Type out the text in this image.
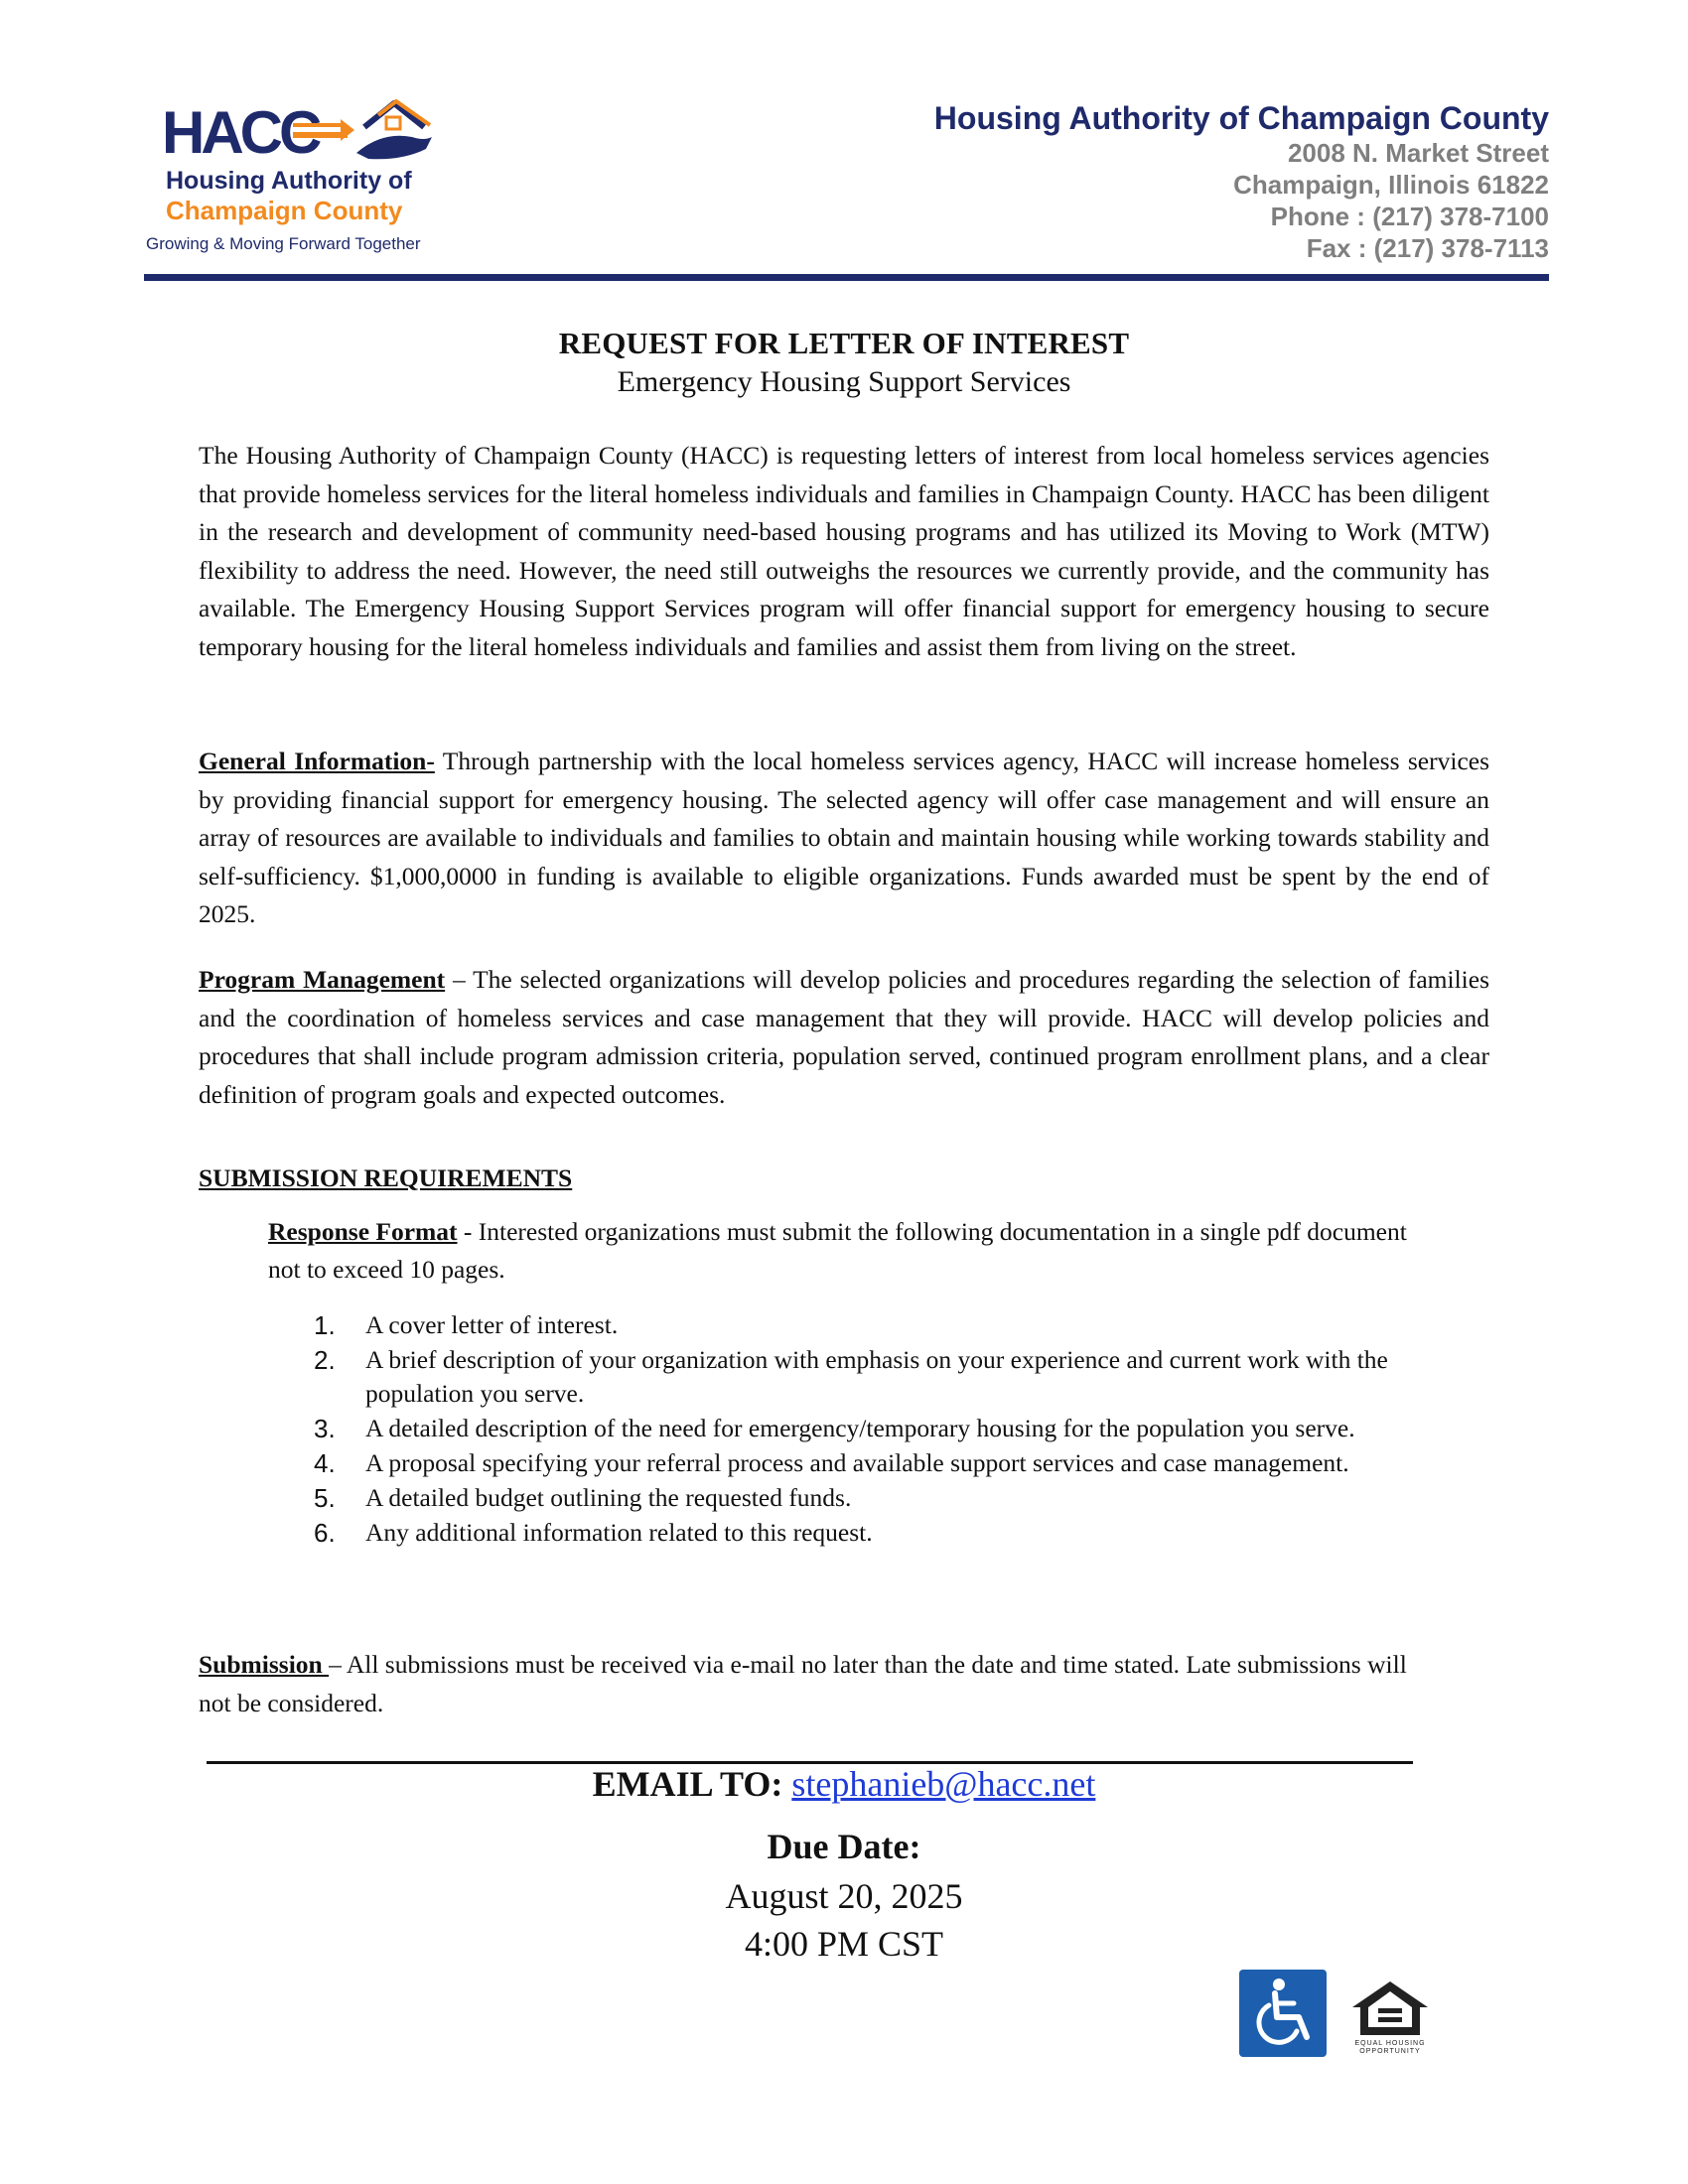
HACC
Housing Authority of
Champaign County
Growing & Moving Forward Together
Housing Authority of Champaign County
2008 N. Market Street
Champaign, Illinois 61822
Phone : (217) 378-7100
Fax : (217) 378-7113
REQUEST FOR LETTER OF INTEREST
Emergency Housing Support Services

The Housing Authority of Champaign County (HACC) is requesting letters of interest from local homeless services agencies that provide homeless services for the literal homeless individuals and families in Champaign County. HACC has been diligent in the research and development of community need-based housing programs and has utilized its Moving to Work (MTW) flexibility to address the need. However, the need still outweighs the resources we currently provide, and the community has available. The Emergency Housing Support Services program will offer financial support for emergency housing to secure temporary housing for the literal homeless individuals and families and assist them from living on the street.

General Information- Through partnership with the local homeless services agency, HACC will increase homeless services by providing financial support for emergency housing. The selected agency will offer case management and will ensure an array of resources are available to individuals and families to obtain and maintain housing while working towards stability and self-sufficiency. $1,000,0000 in funding is available to eligible organizations. Funds awarded must be spent by the end of 2025.

Program Management – The selected organizations will develop policies and procedures regarding the selection of families and the coordination of homeless services and case management that they will provide. HACC will develop policies and procedures that shall include program admission criteria, population served, continued program enrollment plans, and a clear definition of program goals and expected outcomes.

SUBMISSION REQUIREMENTS

Response Format - Interested organizations must submit the following documentation in a single pdf document not to exceed 10 pages.

1. A cover letter of interest.
2. A brief description of your organization with emphasis on your experience and current work with the population you serve.
3. A detailed description of the need for emergency/temporary housing for the population you serve.
4. A proposal specifying your referral process and available support services and case management.
5. A detailed budget outlining the requested funds.
6. Any additional information related to this request.

Submission – All submissions must be received via e-mail no later than the date and time stated. Late submissions will not be considered.

EMAIL TO: stephanieb@hacc.net
Due Date:
August 20, 2025
4:00 PM CST
EQUAL HOUSING
OPPORTUNITY
